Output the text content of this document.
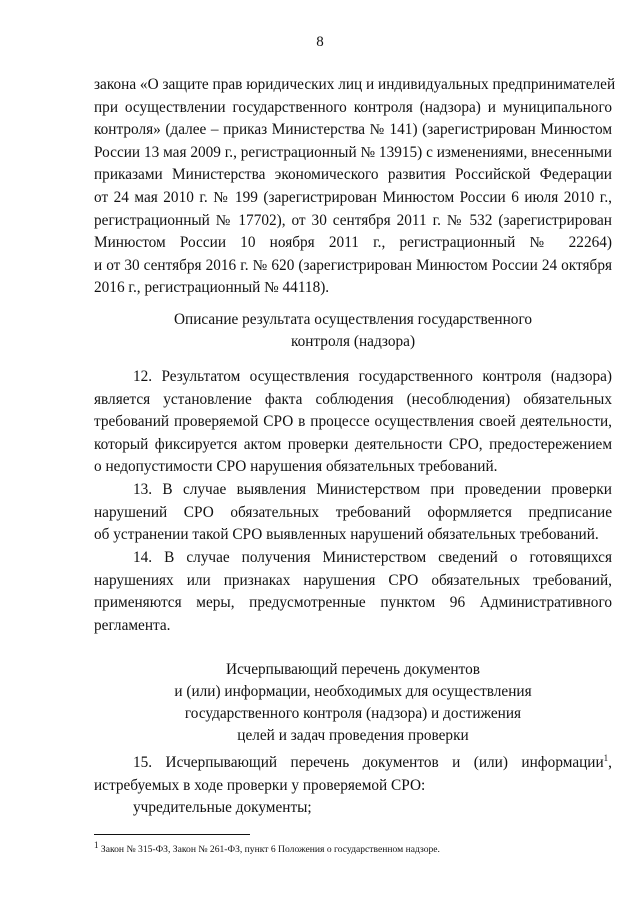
8
закона «О защите прав юридических лиц и индивидуальных предпринимателей
при осуществлении государственного контроля (надзора) и муниципального
контроля» (далее – приказ Министерства № 141) (зарегистрирован Минюстом
России 13 мая 2009 г., регистрационный № 13915) с изменениями, внесенными
приказами Министерства экономического развития Российской Федерации
от 24 мая 2010 г. № 199 (зарегистрирован Минюстом России 6 июля 2010 г.,
регистрационный № 17702), от 30 сентября 2011 г. № 532 (зарегистрирован
Минюстом России 10 ноября 2011 г., регистрационный № 22264)
и от 30 сентября 2016 г. № 620 (зарегистрирован Минюстом России 24 октября
2016 г., регистрационный № 44118).
Описание результата осуществления государственного
контроля (надзора)
12. Результатом осуществления государственного контроля (надзора)
является установление факта соблюдения (несоблюдения) обязательных
требований проверяемой СРО в процессе осуществления своей деятельности,
который фиксируется актом проверки деятельности СРО, предостережением
о недопустимости СРО нарушения обязательных требований.
13. В случае выявления Министерством при проведении проверки
нарушений СРО обязательных требований оформляется предписание
об устранении такой СРО выявленных нарушений обязательных требований.
14. В случае получения Министерством сведений о готовящихся
нарушениях или признаках нарушения СРО обязательных требований,
применяются меры, предусмотренные пунктом 96 Административного
регламента.
Исчерпывающий перечень документов
и (или) информации, необходимых для осуществления
государственного контроля (надзора) и достижения
целей и задач проведения проверки
15. Исчерпывающий перечень документов и (или) информации$^1$,
истребуемых в ходе проверки у проверяемой СРО:
учредительные документы;
$^1$ Закон № 315-ФЗ, Закон № 261-ФЗ, пункт 6 Положения о государственном надзоре.
